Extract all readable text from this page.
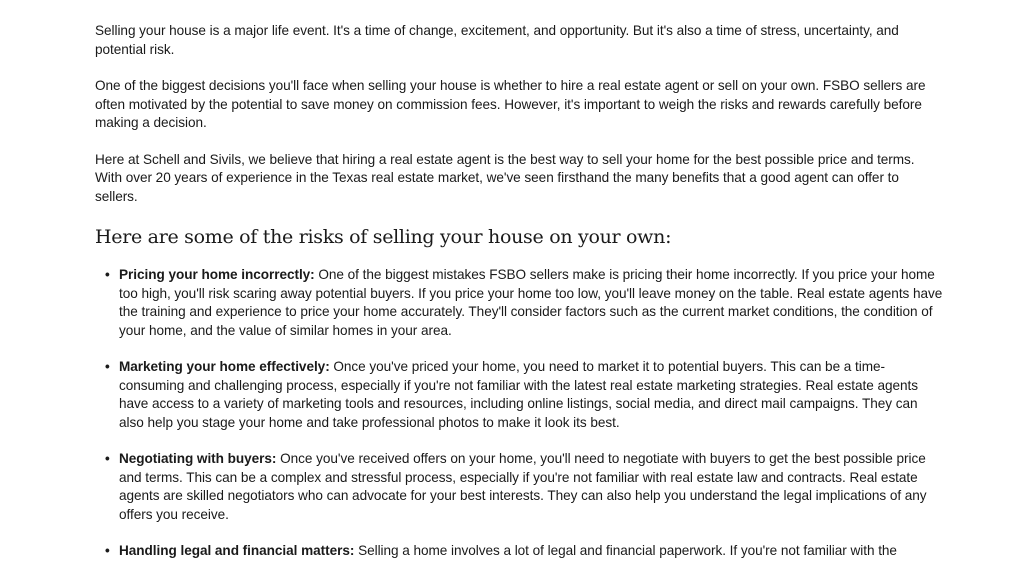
Selling your house is a major life event. It's a time of change, excitement, and opportunity. But it's also a time of stress, uncertainty, and potential risk.

One of the biggest decisions you'll face when selling your house is whether to hire a real estate agent or sell on your own. FSBO sellers are often motivated by the potential to save money on commission fees. However, it's important to weigh the risks and rewards carefully before making a decision.

Here at Schell and Sivils, we believe that hiring a real estate agent is the best way to sell your home for the best possible price and terms. With over 20 years of experience in the Texas real estate market, we've seen firsthand the many benefits that a good agent can offer to sellers.

Here are some of the risks of selling your house on your own:
• Pricing your home incorrectly: One of the biggest mistakes FSBO sellers make is pricing their home incorrectly. If you price your home too high, you'll risk scaring away potential buyers. If you price your home too low, you'll leave money on the table. Real estate agents have the training and experience to price your home accurately. They'll consider factors such as the current market conditions, the condition of your home, and the value of similar homes in your area.
• Marketing your home effectively: Once you've priced your home, you need to market it to potential buyers. This can be a time-consuming and challenging process, especially if you're not familiar with the latest real estate marketing strategies. Real estate agents have access to a variety of marketing tools and resources, including online listings, social media, and direct mail campaigns. They can also help you stage your home and take professional photos to make it look its best.
• Negotiating with buyers: Once you've received offers on your home, you'll need to negotiate with buyers to get the best possible price and terms. This can be a complex and stressful process, especially if you're not familiar with real estate law and contracts. Real estate agents are skilled negotiators who can advocate for your best interests. They can also help you understand the legal implications of any offers you receive.
• Handling legal and financial matters: Selling a home involves a lot of legal and financial paperwork. If you're not familiar with the
